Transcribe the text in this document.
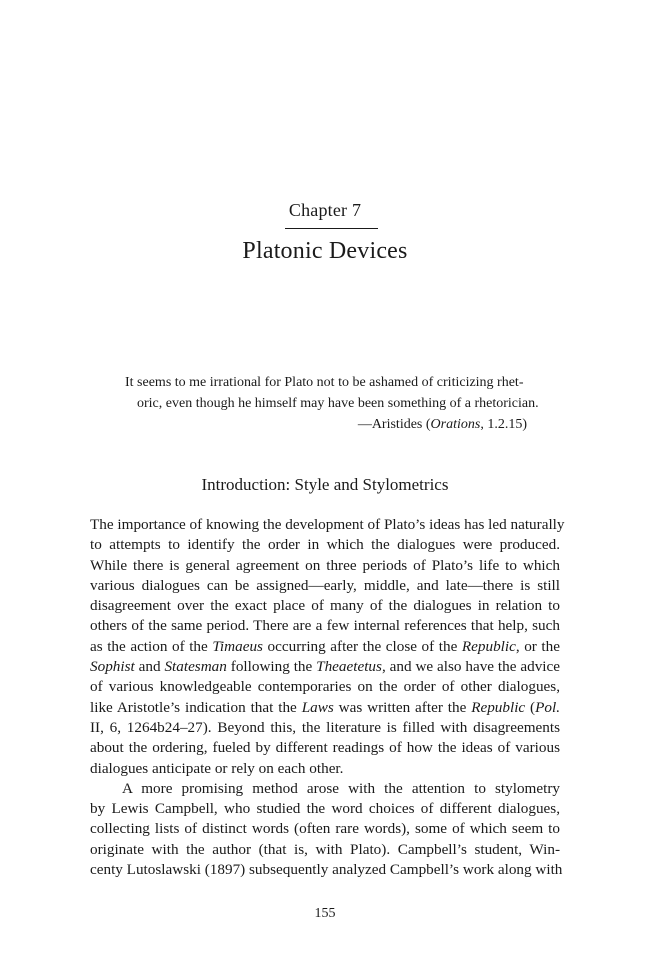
Chapter 7
Platonic Devices
It seems to me irrational for Plato not to be ashamed of criticizing rhet-
oric, even though he himself may have been something of a rhetorician.
—Aristides (Orations, 1.2.15)
Introduction: Style and Stylometrics
The importance of knowing the development of Plato’s ideas has led naturally
to attempts to identify the order in which the dialogues were produced.
While there is general agreement on three periods of Plato’s life to which
various dialogues can be assigned—early, middle, and late—there is still
disagreement over the exact place of many of the dialogues in relation to
others of the same period. There are a few internal references that help, such
as the action of the Timaeus occurring after the close of the Republic, or the
Sophist and Statesman following the Theaetetus, and we also have the advice
of various knowledgeable contemporaries on the order of other dialogues,
like Aristotle’s indication that the Laws was written after the Republic (Pol.
II, 6, 1264b24–27). Beyond this, the literature is filled with disagreements
about the ordering, fueled by different readings of how the ideas of various
dialogues anticipate or rely on each other.
A more promising method arose with the attention to stylometry
by Lewis Campbell, who studied the word choices of different dialogues,
collecting lists of distinct words (often rare words), some of which seem to
originate with the author (that is, with Plato). Campbell’s student, Win-
centy Lutoslawski (1897) subsequently analyzed Campbell’s work along with
155
